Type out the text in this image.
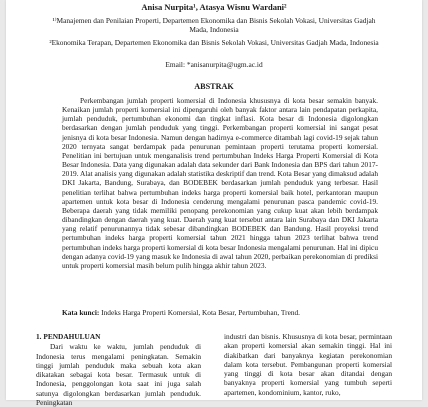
Anisa Nurpita¹, Atasya Wisnu Wardani²
¹⁾Manajemen dan Penilaian Properti, Departemen Ekonomika dan Bisnis Sekolah Vokasi, Universitas Gadjah Mada, Indonesia
²Ekonomika Terapan, Departemen Ekonomika dan Bisnis Sekolah Vokasi, Universitas Gadjah Mada, Indonesia
Email: *anisanurpita@ugm.ac.id
ABSTRAK

Perkembangan jumlah properti komersial di Indonesia khususnya di kota besar semakin banyak. Kenaikan jumlah properti komersial ini dipengaruhi oleh banyak faktor antara lain pendapatan perkapita, jumlah penduduk, pertumbuhan ekonomi dan tingkat inflasi. Kota besar di Indonesia digolongkan berdasarkan dengan jumlah penduduk yang tinggi. Perkembangan properti komersial ini sangat pesat jenisnya di kota besar Indonesia. Namun dengan hadirnya e-commerce ditambah lagi covid-19 sejak tahun 2020 ternyata sangat berdampak pada penurunan pemintaan properti terutama properti komersial. Penelitian ini bertujuan untuk menganalisis trend pertumbuhan Indeks Harga Properti Komersial di Kota Besar Indonesia. Data yang digunakan adalah data sekunder dari Bank Indonesia dan BPS dari tahun 2017-2019. Alat analisis yang digunakan adalah statistika deskriptif dan trend. Kota Besar yang dimaksud adalah DKI Jakarta, Bandung, Surabaya, dan BODEBEK berdasarkan jumlah penduduk yang terbesar. Hasil penelitian terlihat bahwa pertumbuhan indeks harga properti komersial baik hotel, perkantoran maupun apartemen untuk kota besar di Indonesia cenderung mengalami penurunan pasca pandemic covid-19. Beberapa daerah yang tidak memiliki penopang perekonomian yang cukup kuat akan lebih berdampak dibandingkan dengan daerah yang kuat. Daerah yang kuat tersebut antara lain Surabaya dan DKI Jakarta yang relatif penurunannya tidak sebesar dibandingkan BODEBEK dan Bandung. Hasil proyeksi trend pertumbuhan indeks harga properti komersial tahun 2021 hingga tahun 2023 terlihat bahwa trend pertumbuhan indeks harga properti komersial di kota besar Indonesia mengalami penurunan. Hal ini dipicu dengan adanya covid-19 yang masuk ke Indonesia di awal tahun 2020, perbaikan perekonomian di prediksi untuk properti komersial masih belum pulih hingga akhir tahun 2023.

Kata kunci: Indeks Harga Properti Komersial, Kota Besar, Pertumbuhan, Trend.
1. PENDAHULUAN
Dari waktu ke waktu, jumlah penduduk di Indonesia terus mengalami peningkatan. Semakin tinggi jumlah penduduk maka sebuah kota akan dikatakan sebagai kota besar. Termasuk untuk di Indonesia, penggolongan kota saat ini juga salah satunya digolongkan berdasarkan jumlah penduduk. Peningkatan
industri dan bisnis. Khususnya di kota besar, permintaan akan properti komersial akan semakin tinggi. Hal ini diakibatkan dari banyaknya kegiatan perekonomian dalam kota tersebut. Pembangunan properti komersial yang tinggi di kota besar akan ditandai dengan banyaknya properti komersial yang tumbuh seperti apartemen, kondominium, kantor, ruko,
